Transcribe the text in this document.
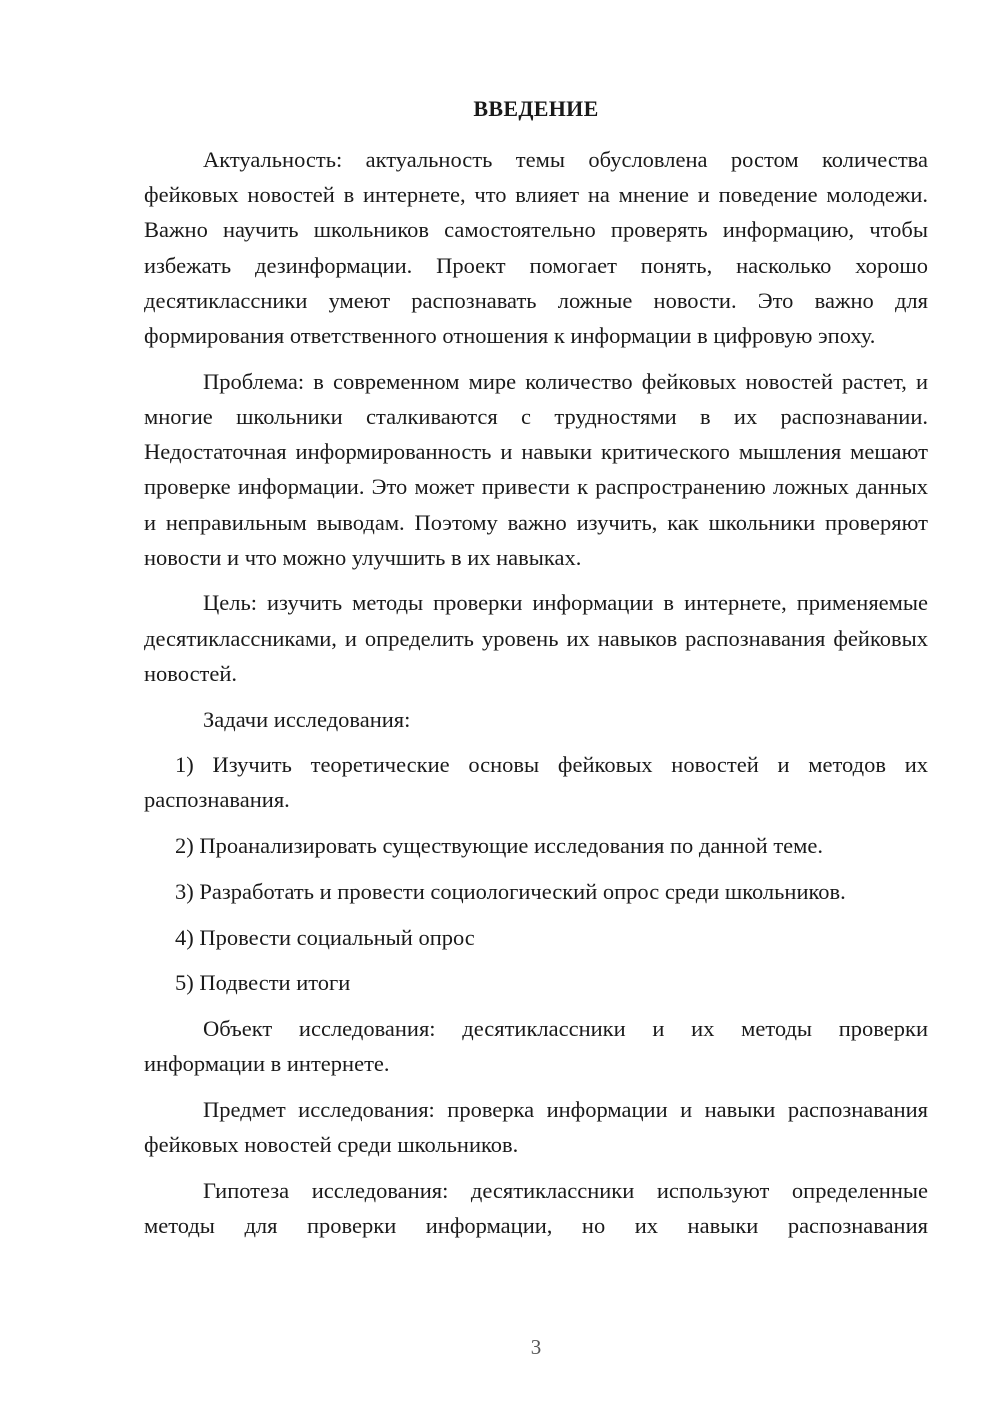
ВВЕДЕНИЕ

Актуальность: актуальность темы обусловлена ростом количества фейковых новостей в интернете, что влияет на мнение и поведение молодежи. Важно научить школьников самостоятельно проверять информацию, чтобы избежать дезинформации. Проект помогает понять, насколько хорошо десятиклассники умеют распознавать ложные новости. Это важно для формирования ответственного отношения к информации в цифровую эпоху.

Проблема: в современном мире количество фейковых новостей растет, и многие школьники сталкиваются с трудностями в их распознавании. Недостаточная информированность и навыки критического мышления мешают проверке информации. Это может привести к распространению ложных данных и неправильным выводам. Поэтому важно изучить, как школьники проверяют новости и что можно улучшить в их навыках.

Цель: изучить методы проверки информации в интернете, применяемые десятиклассниками, и определить уровень их навыков распознавания фейковых новостей.

Задачи исследования:

1) Изучить теоретические основы фейковых новостей и методов их распознавания.

2) Проанализировать существующие исследования по данной теме.

3) Разработать и провести социологический опрос среди школьников.

4) Провести социальный опрос

5) Подвести итоги

Объект исследования: десятиклассники и их методы проверки информации в интернете.

Предмет исследования: проверка информации и навыки распознавания фейковых новостей среди школьников.

Гипотеза исследования: десятиклассники используют определенные методы для проверки информации, но их навыки распознавания

3
